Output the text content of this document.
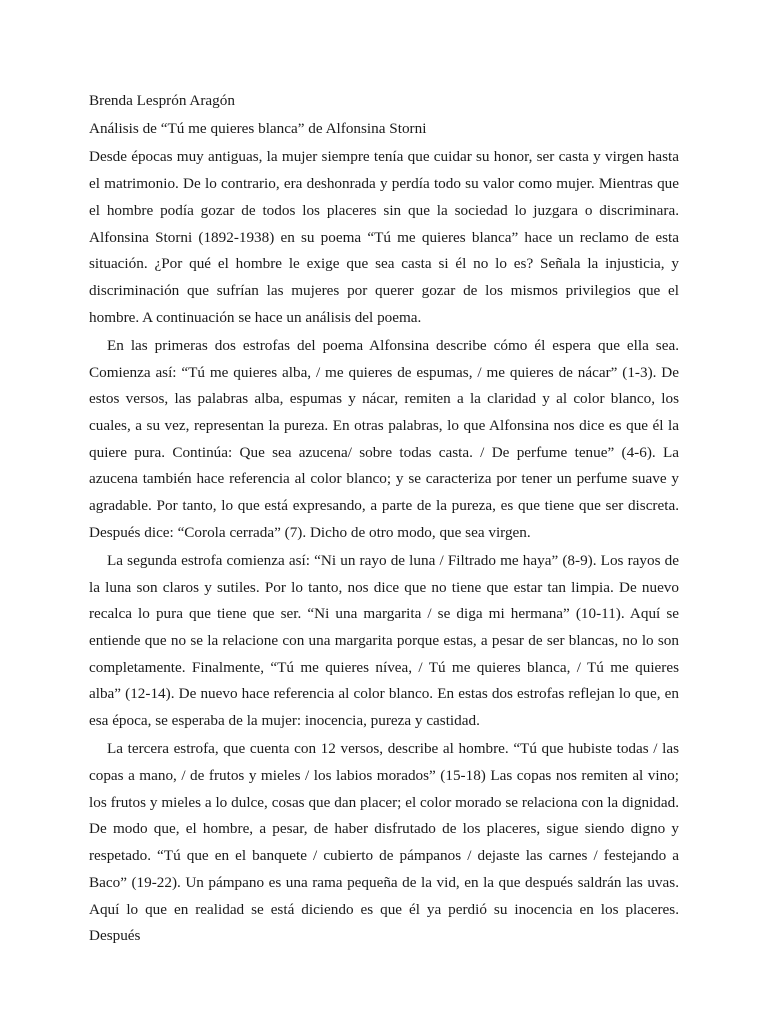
Brenda Lesprón Aragón

Análisis de “Tú me quieres blanca” de Alfonsina Storni

Desde épocas muy antiguas, la mujer siempre tenía que cuidar su honor, ser casta y virgen hasta el matrimonio. De lo contrario, era deshonrada y perdía todo su valor como mujer. Mientras que el hombre podía gozar de todos los placeres sin que la sociedad lo juzgara o discriminara. Alfonsina Storni (1892-1938) en su poema “Tú me quieres blanca” hace un reclamo de esta situación. ¿Por qué el hombre le exige que sea casta si él no lo es? Señala la injusticia, y discriminación que sufrían las mujeres por querer gozar de los mismos privilegios que el hombre. A continuación se hace un análisis del poema.

En las primeras dos estrofas del poema Alfonsina describe cómo él espera que ella sea. Comienza así: “Tú me quieres alba, / me quieres de espumas, / me quieres de nácar” (1-3). De estos versos, las palabras alba, espumas y nácar, remiten a la claridad y al color blanco, los cuales, a su vez, representan la pureza. En otras palabras, lo que Alfonsina nos dice es que él la quiere pura. Continúa: Que sea azucena/ sobre todas casta. / De perfume tenue” (4-6). La azucena también hace referencia al color blanco; y se caracteriza por tener un perfume suave y agradable. Por tanto, lo que está expresando, a parte de la pureza, es que tiene que ser discreta. Después dice: “Corola cerrada” (7). Dicho de otro modo, que sea virgen.

La segunda estrofa comienza así: “Ni un rayo de luna / Filtrado me haya” (8-9). Los rayos de la luna son claros y sutiles. Por lo tanto, nos dice que no tiene que estar tan limpia. De nuevo recalca lo pura que tiene que ser. “Ni una margarita / se diga mi hermana” (10-11). Aquí se entiende que no se la relacione con una margarita porque estas, a pesar de ser blancas, no lo son completamente. Finalmente, “Tú me quieres nívea, / Tú me quieres blanca, / Tú me quieres alba” (12-14). De nuevo hace referencia al color blanco. En estas dos estrofas reflejan lo que, en esa época, se esperaba de la mujer: inocencia, pureza y castidad.

La tercera estrofa, que cuenta con 12 versos, describe al hombre. “Tú que hubiste todas / las copas a mano, / de frutos y mieles / los labios morados” (15-18) Las copas nos remiten al vino; los frutos y mieles a lo dulce, cosas que dan placer; el color morado se relaciona con la dignidad. De modo que, el hombre, a pesar, de haber disfrutado de los placeres, sigue siendo digno y respetado. “Tú que en el banquete / cubierto de pámpanos / dejaste las carnes / festejando a Baco” (19-22). Un pámpano es una rama pequeña de la vid, en la que después saldrán las uvas. Aquí lo que en realidad se está diciendo es que él ya perdió su inocencia en los placeres. Después
